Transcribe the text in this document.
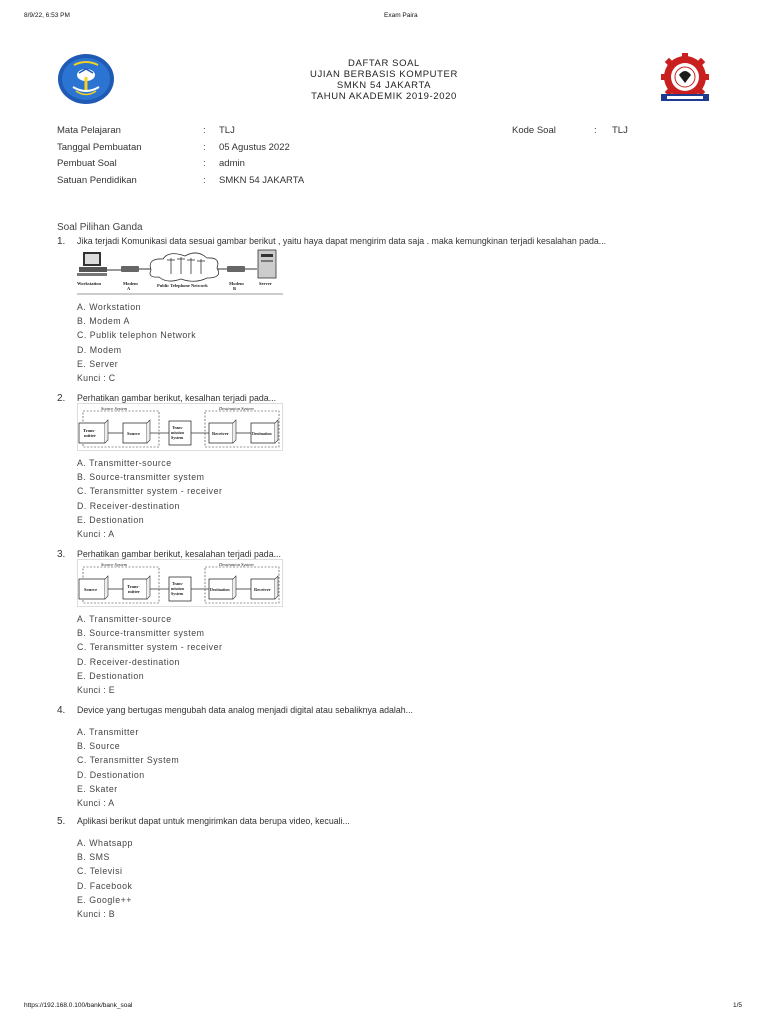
8/9/22, 6:53 PM	Exam Paira
DAFTAR SOAL
UJIAN BERBASIS KOMPUTER
SMKN 54 JAKARTA
TAHUN AKADEMIK 2019-2020
Mata Pelajaran	: TLJ
Tanggal Pembuatan	: 05 Agustus 2022
Pembuat Soal	: admin
Satuan Pendidikan	: SMKN 54 JAKARTA
Kode Soal	: TLJ
Soal Pilihan Ganda
1. Jika terjadi Komunikasi data sesuai gambar berikut , yaitu haya dapat mengirim data saja . maka kemungkinan terjadi kesalahan pada...
Workstation	Modem
A
Public Telephone Network	Modem
B
Server
A. Workstation
B. Modem A
C. Publik telephon Network
D. Modem
E. Server
Kunci : C
2. Perhatikan gambar berikut, kesalhan terjadi pada...
Source System	Destination System
Trans-
mitter	Source
Trans-
mission
System
Receiver	Destination
A. Transmitter-source
B. Source-transmitter system
C. Teransmitter system - receiver
D. Receiver-destination
E. Destionation
Kunci : A
3. Perhatikan gambar berikut, kesalahan terjadi pada...
Source System	Destination System
Source
Trans-
mitter
Trans-
mission
System
Destination	Receiver
A. Transmitter-source
B. Source-transmitter system
C. Teransmitter system - receiver
D. Receiver-destination
E. Destionation
Kunci : E
4. Device yang bertugas mengubah data analog menjadi digital atau sebaliknya adalah...
A. Transmitter
B. Source
C. Teransmitter System
D. Destionation
E. Skater
Kunci : A
5. Aplikasi berikut dapat untuk mengirimkan data berupa video, kecuali...
A. Whatsapp
B. SMS
C. Televisi
D. Facebook
E. Google++
Kunci : B
https://192.168.0.100/bank/bank_soal	1/5
